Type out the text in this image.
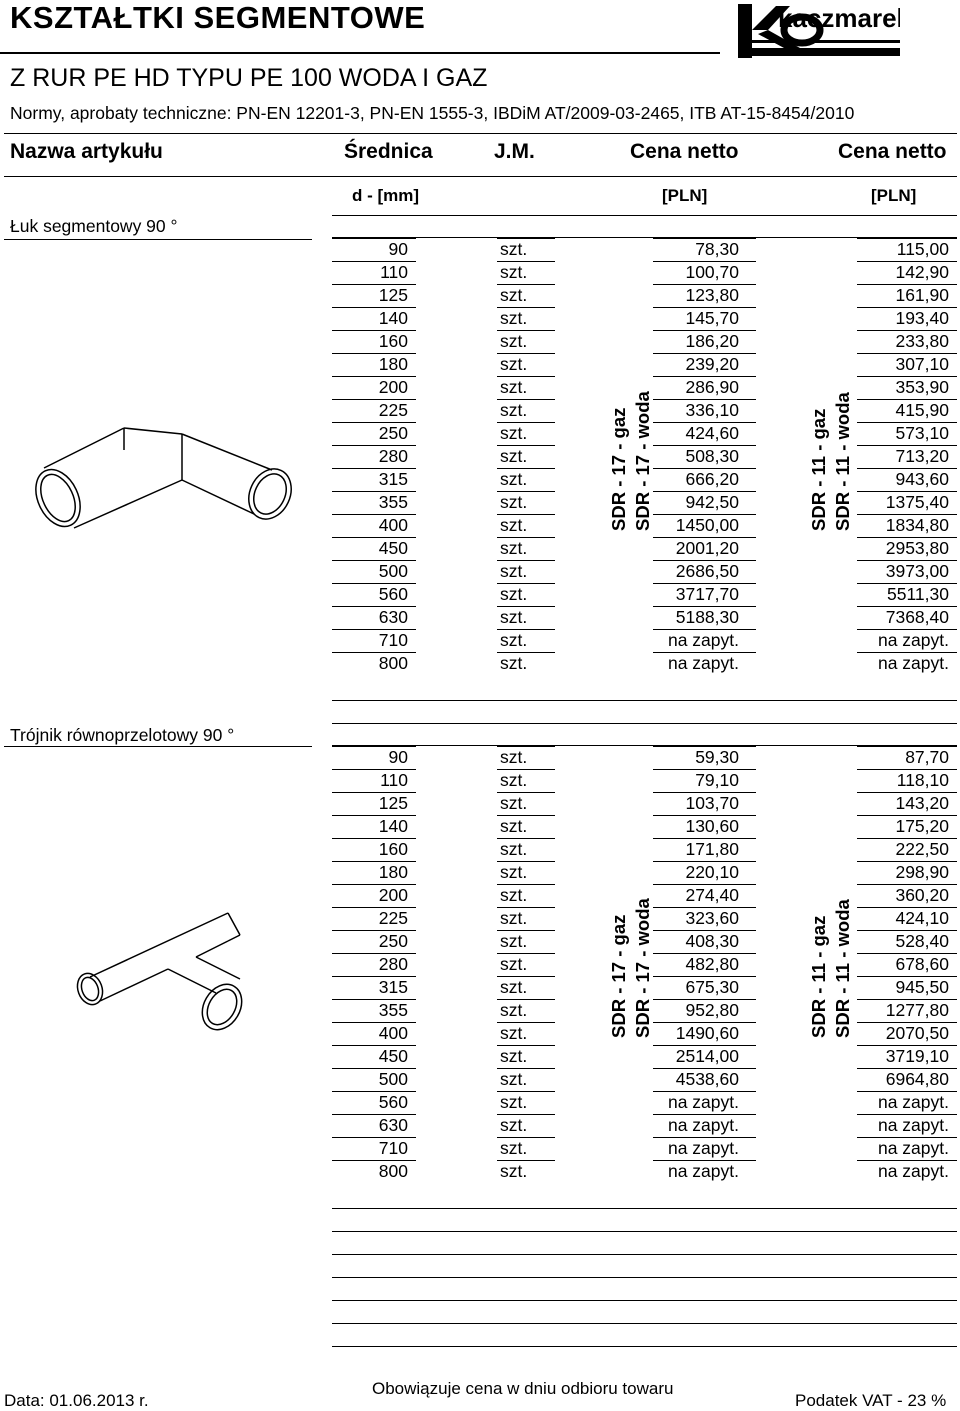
KSZTAŁTKI SEGMENTOWE	kaczmarek
Z RUR PE HD TYPU PE 100 WODA I GAZ
Normy, aprobaty techniczne: PN-EN 12201-3, PN-EN 1555-3, IBDiM AT/2009-03-2465, ITB AT-15-8454/2010
Nazwa artykułu	Średnica	J.M.	Cena netto	Cena netto
d - [mm]	[PLN]	[PLN]
Łuk segmentowy 90 °
SDR - 17 - gaz SDR - 17 - woda	SDR - 11 - gaz SDR - 11 - woda
90	szt.	78,30	115,00
110	szt.	100,70	142,90
125	szt.	123,80	161,90
140	szt.	145,70	193,40
160	szt.	186,20	233,80
180	szt.	239,20	307,10
200	szt.	286,90	353,90
225	szt.	336,10	415,90
250	szt.	424,60	573,10
280	szt.	508,30	713,20
315	szt.	666,20	943,60
355	szt.	942,50	1375,40
400	szt.	1450,00	1834,80
450	szt.	2001,20	2953,80
500	szt.	2686,50	3973,00
560	szt.	3717,70	5511,30
630	szt.	5188,30	7368,40
710	szt.	na zapyt.	na zapyt.
800	szt.	na zapyt.	na zapyt.
Trójnik równoprzelotowy 90 °
SDR - 17 - gaz SDR - 17 - woda	SDR - 11 - gaz SDR - 11 - woda
90	szt.	59,30	87,70
110	szt.	79,10	118,10
125	szt.	103,70	143,20
140	szt.	130,60	175,20
160	szt.	171,80	222,50
180	szt.	220,10	298,90
200	szt.	274,40	360,20
225	szt.	323,60	424,10
250	szt.	408,30	528,40
280	szt.	482,80	678,60
315	szt.	675,30	945,50
355	szt.	952,80	1277,80
400	szt.	1490,60	2070,50
450	szt.	2514,00	3719,10
500	szt.	4538,60	6964,80
560	szt.	na zapyt.	na zapyt.
630	szt.	na zapyt.	na zapyt.
710	szt.	na zapyt.	na zapyt.
800	szt.	na zapyt.	na zapyt.
Data: 01.06.2013 r.
Obowiązuje cena w dniu odbioru towaru
Podatek VAT - 23 %
